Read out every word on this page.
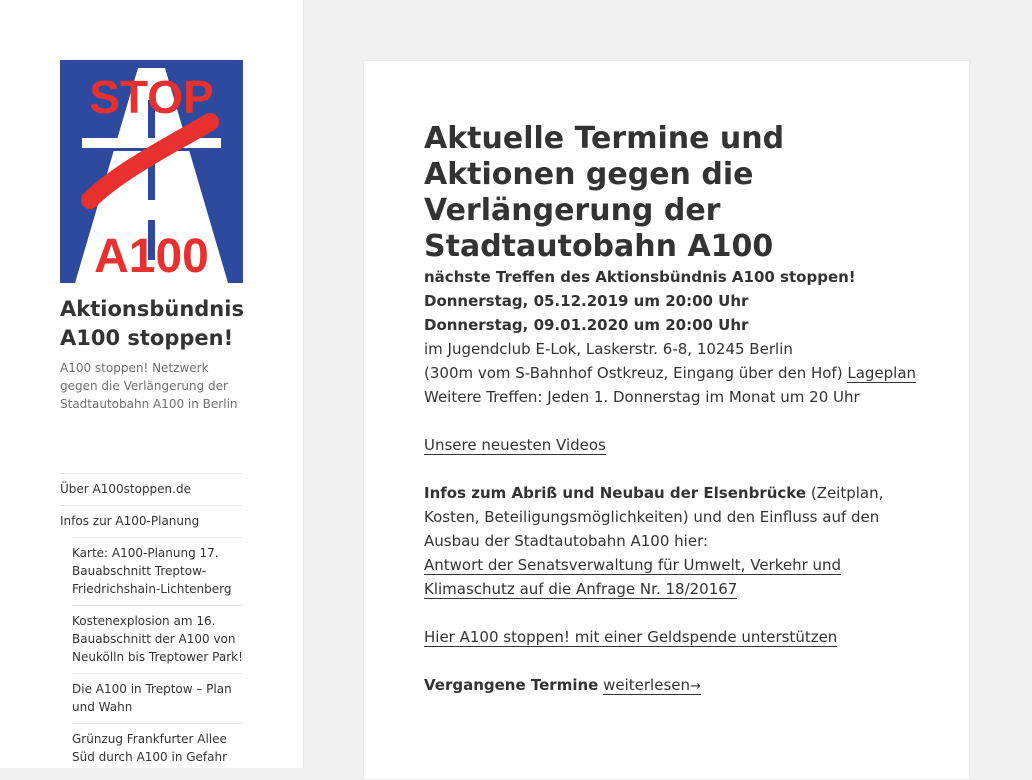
STOP
A100
Aktionsbündnis A100 stoppen!
A100 stoppen! Netzwerk gegen die Verlängerung der Stadtautobahn A100 in Berlin
Über A100stoppen.de
Infos zur A100-Planung
Karte: A100-Planung 17. Bauabschnitt Treptow-Friedrichshain-Lichtenberg
Kostenexplosion am 16. Bauabschnitt der A100 von Neukölln bis Treptower Park!
Die A100 in Treptow – Plan und Wahn
Grünzug Frankfurter Allee Süd durch A100 in Gefahr
Aktuelle Termine und Aktionen gegen die Verlängerung der Stadtautobahn A100

nächste Treffen des Aktionsbündnis A100 stoppen!
Donnerstag, 05.12.2019 um 20:00 Uhr
Donnerstag, 09.01.2020 um 20:00 Uhr
im Jugendclub E-Lok, Laskerstr. 6-8, 10245 Berlin
(300m vom S-Bahnhof Ostkreuz, Eingang über den Hof) Lageplan
Weitere Treffen: Jeden 1. Donnerstag im Monat um 20 Uhr

Unsere neuesten Videos

Infos zum Abriß und Neubau der Elsenbrücke (Zeitplan, Kosten, Beteiligungsmöglichkeiten) und den Einfluss auf den Ausbau der Stadtautobahn A100 hier:
Antwort der Senatsverwaltung für Umwelt, Verkehr und Klimaschutz auf die Anfrage Nr. 18/20167

Hier A100 stoppen! mit einer Geldspende unterstützen

Vergangene Termine weiterlesen→
